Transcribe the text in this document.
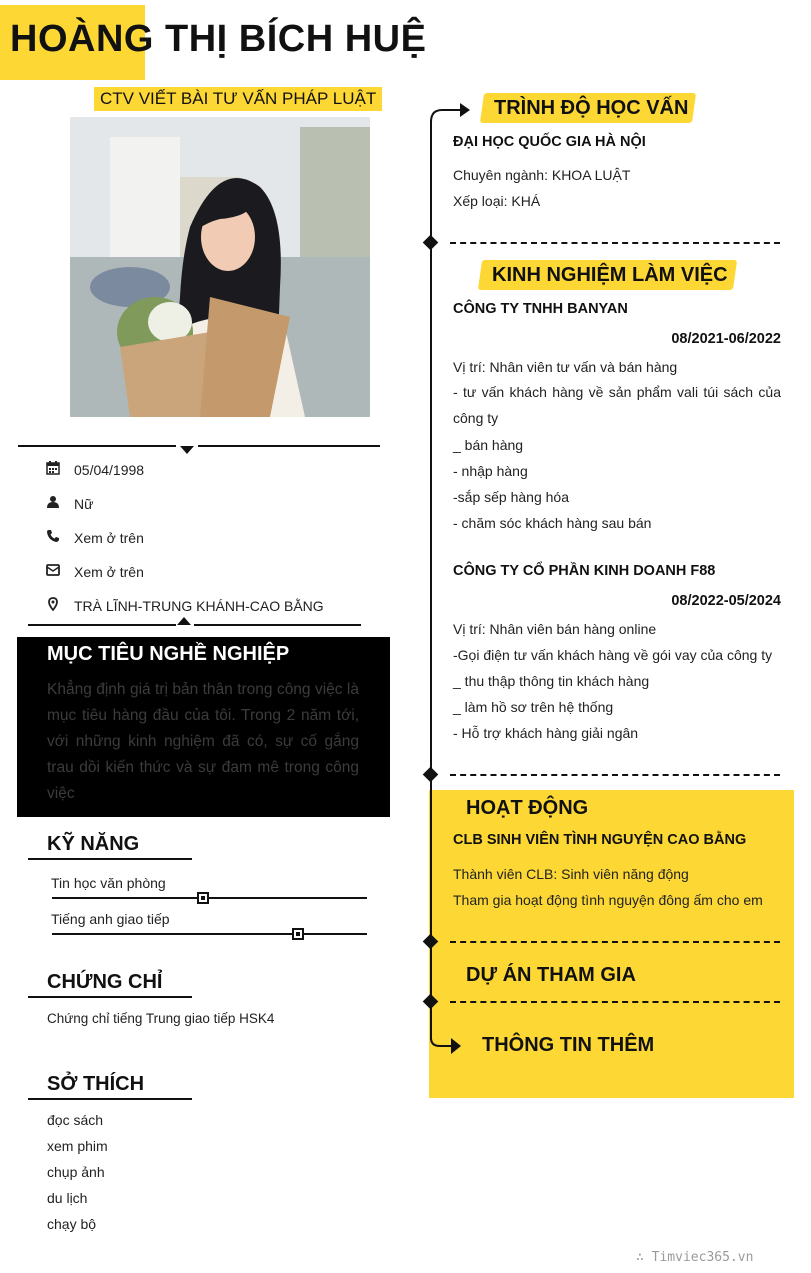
HOÀNG THỊ BÍCH HUỆ
CTV VIẾT BÀI TƯ VẤN PHÁP LUẬT
05/04/1998
Nữ
Xem ở trên
Xem ở trên
TRÀ LĨNH-TRUNG KHÁNH-CAO BẰNG
MỤC TIÊU NGHỀ NGHIỆP
Khẳng định giá trị bản thân trong công việc là mục tiêu hàng đầu của tôi. Trong 2 năm tới, với những kinh nghiệm đã có, sự cố gắng trau dồi kiến thức và sự đam mê trong công việc
KỸ NĂNG
Tin học văn phòng
Tiếng anh giao tiếp
CHỨNG CHỈ
Chứng chỉ tiếng Trung giao tiếp HSK4
SỞ THÍCH
đọc sách
xem phim
chụp ảnh
du lịch
chạy bộ
TRÌNH ĐỘ HỌC VẤN
ĐẠI HỌC QUỐC GIA HÀ NỘI
Chuyên ngành: KHOA LUẬT
Xếp loại: KHÁ
KINH NGHIỆM LÀM VIỆC
CÔNG TY TNHH BANYAN
08/2021-06/2022
Vị trí: Nhân viên tư vấn và bán hàng
- tư vấn khách hàng về sản phẩm vali túi sách của công ty
_ bán hàng
- nhập hàng
-sắp sếp hàng hóa
- chăm sóc khách hàng sau bán
CÔNG TY CỔ PHẦN KINH DOANH F88
08/2022-05/2024
Vị trí: Nhân viên bán hàng online
-Gọi điện tư vấn khách hàng về gói vay của công ty
_ thu thập thông tin khách hàng
_ làm hồ sơ trên hệ thống
- Hỗ trợ khách hàng giải ngân
HOẠT ĐỘNG
CLB SINH VIÊN TÌNH NGUYỆN CAO BẰNG
Thành viên CLB: Sinh viên năng động
Tham gia hoạt động tình nguyện đông ấm cho em
DỰ ÁN THAM GIA
THÔNG TIN THÊM
∴ Timviec365.vn
